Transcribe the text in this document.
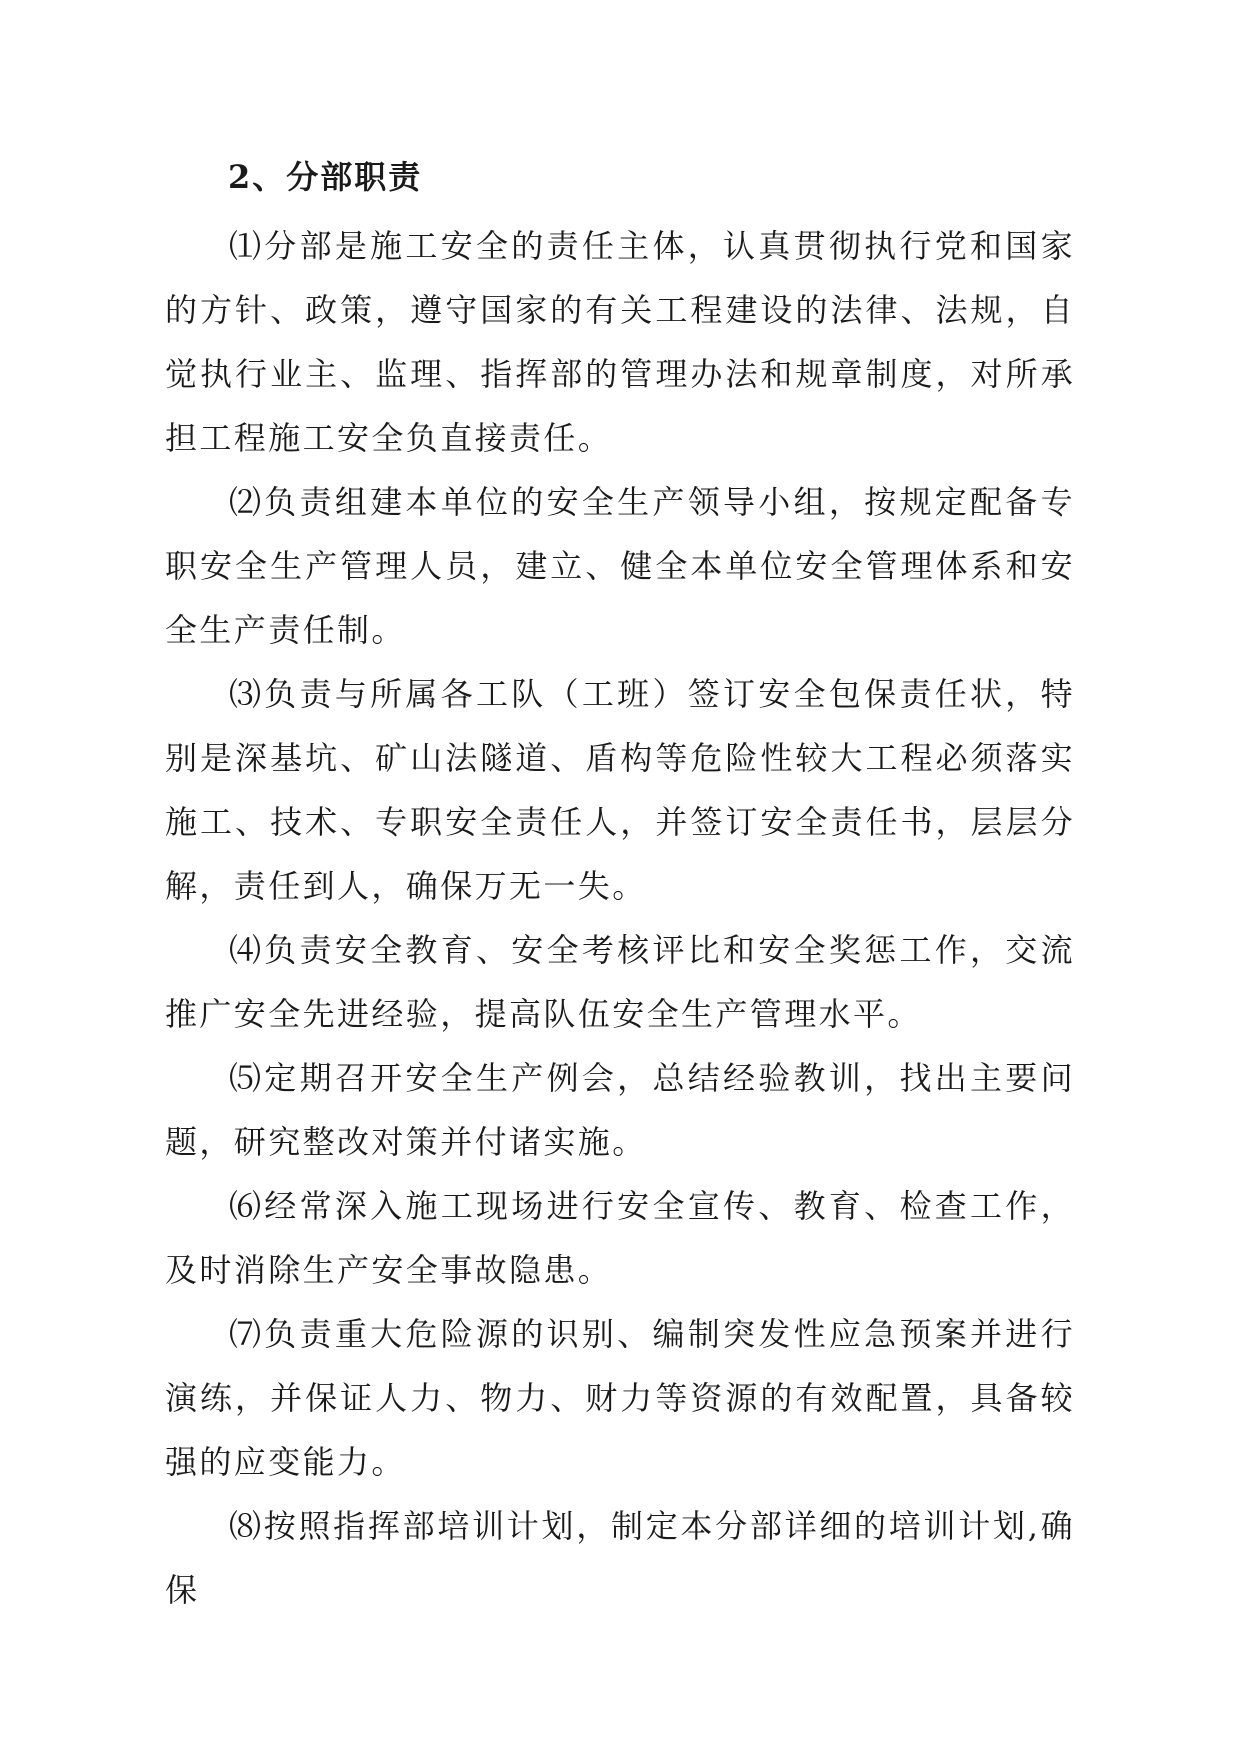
2、分部职责

⑴分部是施工安全的责任主体，认真贯彻执行党和国家的方针、政策，遵守国家的有关工程建设的法律、法规，自觉执行业主、监理、指挥部的管理办法和规章制度，对所承担工程施工安全负直接责任。

⑵负责组建本单位的安全生产领导小组，按规定配备专职安全生产管理人员，建立、健全本单位安全管理体系和安全生产责任制。

⑶负责与所属各工队（工班）签订安全包保责任状，特别是深基坑、矿山法隧道、盾构等危险性较大工程必须落实施工、技术、专职安全责任人，并签订安全责任书，层层分解，责任到人，确保万无一失。

⑷负责安全教育、安全考核评比和安全奖惩工作，交流推广安全先进经验，提高队伍安全生产管理水平。

⑸定期召开安全生产例会，总结经验教训，找出主要问题，研究整改对策并付诸实施。

⑹经常深入施工现场进行安全宣传、教育、检查工作，及时消除生产安全事故隐患。

⑺负责重大危险源的识别、编制突发性应急预案并进行演练，并保证人力、物力、财力等资源的有效配置，具备较强的应变能力。

⑻按照指挥部培训计划，制定本分部详细的培训计划,确保
